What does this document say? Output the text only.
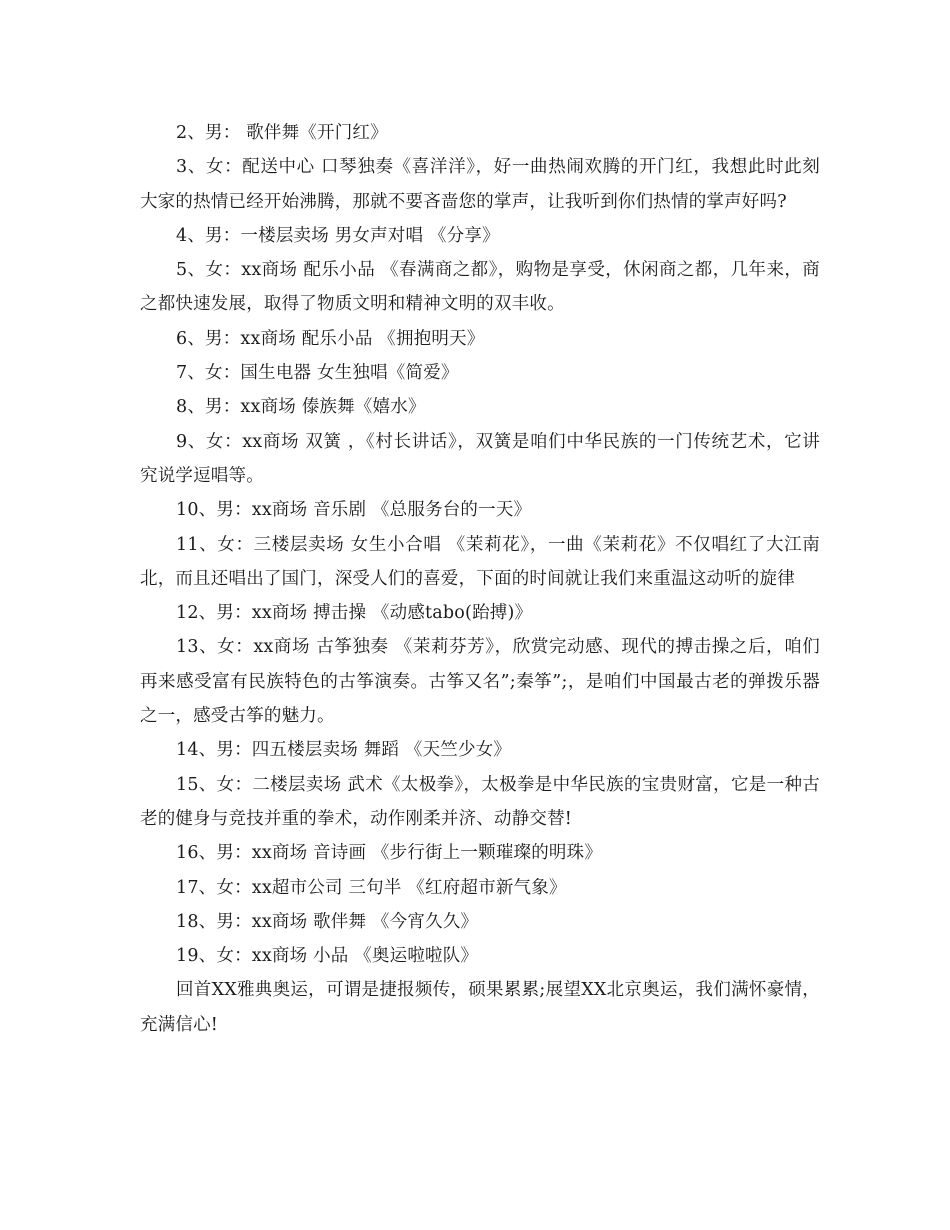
2、男： 歌伴舞《开门红》

3、女：配送中心 口琴独奏《喜洋洋》，好一曲热闹欢腾的开门红，我想此时此刻大家的热情已经开始沸腾，那就不要吝啬您的掌声，让我听到你们热情的掌声好吗?

4、男：一楼层卖场 男女声对唱 《分享》

5、女：xx商场 配乐小品 《春满商之都》，购物是享受，休闲商之都，几年来，商之都快速发展，取得了物质文明和精神文明的双丰收。

6、男：xx商场 配乐小品 《拥抱明天》

7、女：国生电器 女生独唱《简爱》

8、男：xx商场 傣族舞《嬉水》

9、女：xx商场 双簧 ，《村长讲话》，双簧是咱们中华民族的一门传统艺术，它讲究说学逗唱等。

10、男：xx商场 音乐剧 《总服务台的一天》

11、女：三楼层卖场 女生小合唱 《茉莉花》，一曲《茉莉花》不仅唱红了大江南北，而且还唱出了国门，深受人们的喜爱，下面的时间就让我们来重温这动听的旋律

12、男：xx商场 搏击操 《动感tabo(跆搏)》

13、女：xx商场 古筝独奏 《茉莉芬芳》，欣赏完动感、现代的搏击操之后，咱们再来感受富有民族特色的古筝演奏。古筝又名”;秦筝”;，是咱们中国最古老的弹拨乐器之一，感受古筝的魅力。

14、男：四五楼层卖场 舞蹈 《天竺少女》

15、女：二楼层卖场 武术《太极拳》，太极拳是中华民族的宝贵财富，它是一种古老的健身与竞技并重的拳术，动作刚柔并济、动静交替!

16、男：xx商场 音诗画 《步行街上一颗璀璨的明珠》

17、女：xx超市公司 三句半 《红府超市新气象》

18、男：xx商场 歌伴舞 《今宵久久》

19、女：xx商场 小品 《奥运啦啦队》

回首XX雅典奥运，可谓是捷报频传，硕果累累;展望XX北京奥运，我们满怀豪情，充满信心!
